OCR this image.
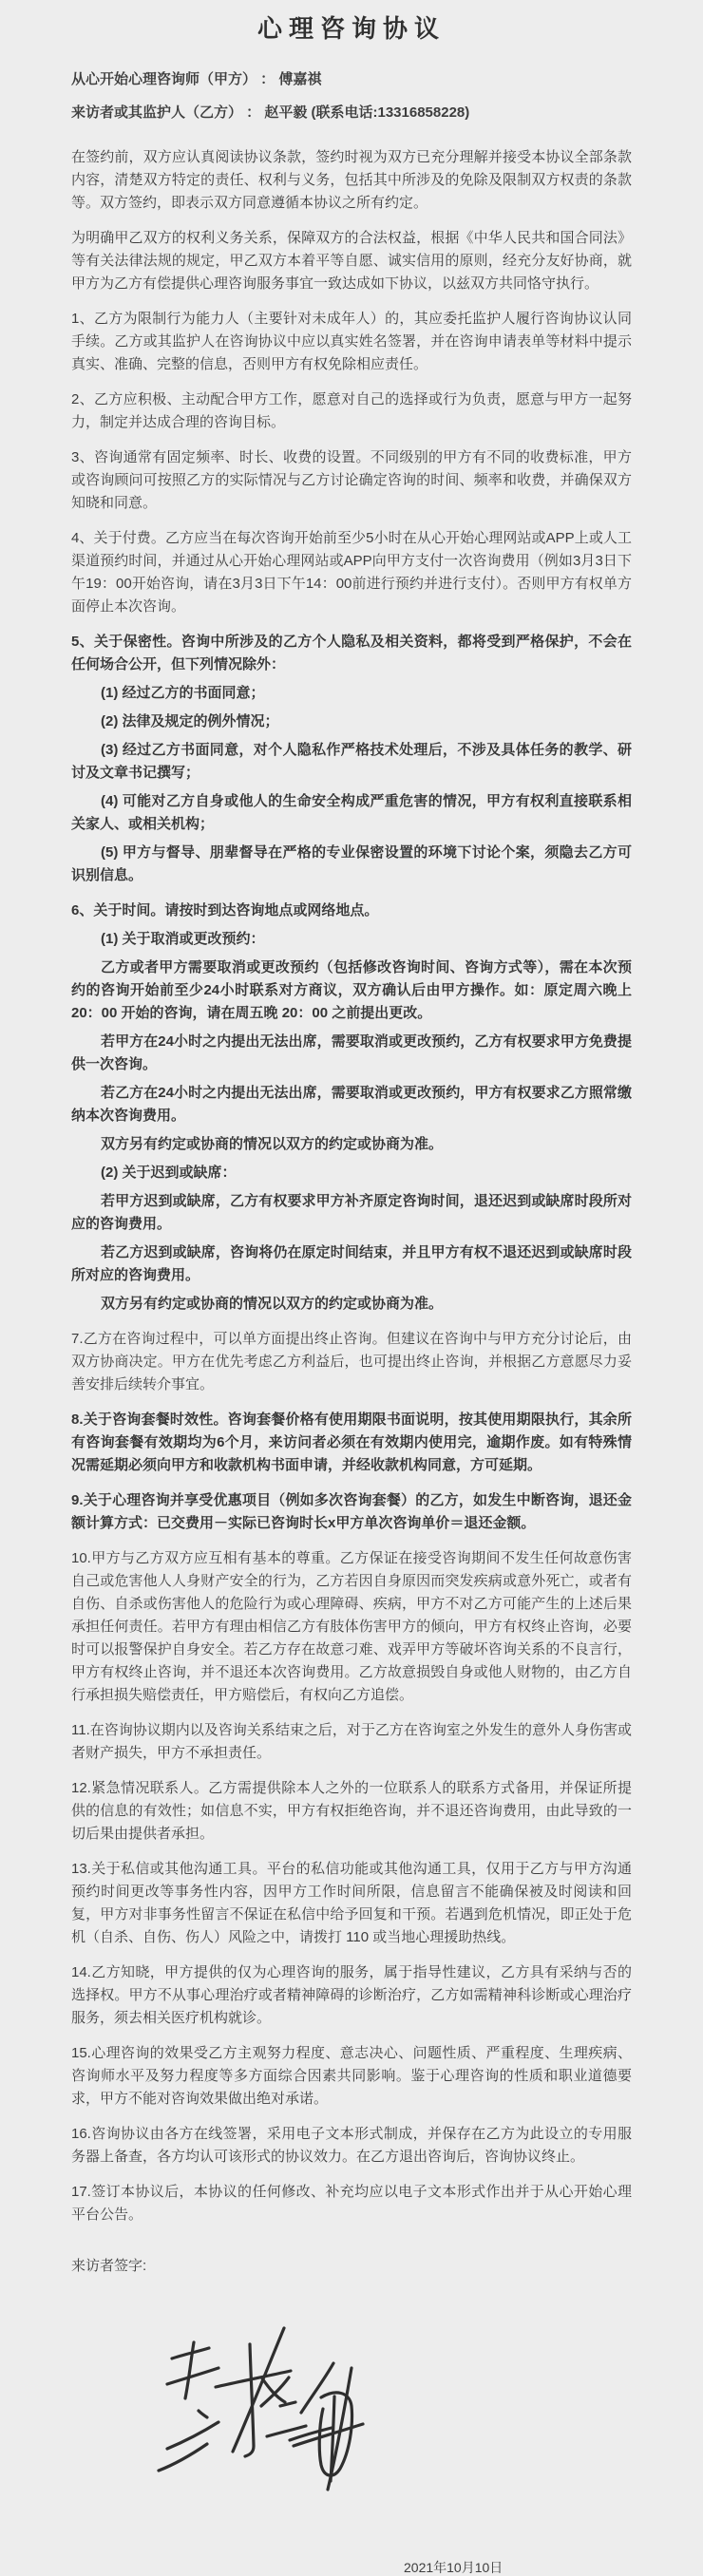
心理咨询协议

从心开始心理咨询师（甲方） ： 傅嘉祺

来访者或其监护人（乙方） ： 赵平毅 (联系电话:13316858228)

在签约前，双方应认真阅读协议条款，签约时视为双方已充分理解并接受本协议全部条款内容，清楚双方特定的责任、权利与义务，包括其中所涉及的免除及限制双方权责的条款等。双方签约，即表示双方同意遵循本协议之所有约定。

为明确甲乙双方的权利义务关系，保障双方的合法权益，根据《中华人民共和国合同法》等有关法律法规的规定，甲乙双方本着平等自愿、诚实信用的原则，经充分友好协商，就甲方为乙方有偿提供心理咨询服务事宜一致达成如下协议，以兹双方共同恪守执行。

1、乙方为限制行为能力人（主要针对未成年人）的，其应委托监护人履行咨询协议认同手续。乙方或其监护人在咨询协议中应以真实姓名签署，并在咨询申请表单等材料中提示真实、准确、完整的信息，否则甲方有权免除相应责任。

2、乙方应积极、主动配合甲方工作，愿意对自己的选择或行为负责，愿意与甲方一起努力，制定并达成合理的咨询目标。

3、咨询通常有固定频率、时长、收费的设置。不同级别的甲方有不同的收费标准，甲方或咨询顾问可按照乙方的实际情况与乙方讨论确定咨询的时间、频率和收费，并确保双方知晓和同意。

4、关于付费。乙方应当在每次咨询开始前至少5小时在从心开始心理网站或APP上或人工渠道预约时间，并通过从心开始心理网站或APP向甲方支付一次咨询费用（例如3月3日下午19：00开始咨询，请在3月3日下午14：00前进行预约并进行支付）。否则甲方有权单方面停止本次咨询。

5、关于保密性。咨询中所涉及的乙方个人隐私及相关资料，都将受到严格保护，不会在任何场合公开，但下列情况除外：

(1) 经过乙方的书面同意；

(2) 法律及规定的例外情况；

(3) 经过乙方书面同意，对个人隐私作严格技术处理后，不涉及具体任务的教学、研讨及文章书记撰写；

(4) 可能对乙方自身或他人的生命安全构成严重危害的情况，甲方有权利直接联系相关家人、或相关机构；

(5) 甲方与督导、朋辈督导在严格的专业保密设置的环境下讨论个案，须隐去乙方可识别信息。

6、关于时间。请按时到达咨询地点或网络地点。

(1) 关于取消或更改预约：

乙方或者甲方需要取消或更改预约（包括修改咨询时间、咨询方式等），需在本次预约的咨询开始前至少24小时联系对方商议，双方确认后由甲方操作。如：原定周六晚上20：00 开始的咨询，请在周五晚 20：00 之前提出更改。

若甲方在24小时之内提出无法出席，需要取消或更改预约，乙方有权要求甲方免费提供一次咨询。

若乙方在24小时之内提出无法出席，需要取消或更改预约，甲方有权要求乙方照常缴纳本次咨询费用。

双方另有约定或协商的情况以双方的约定或协商为准。

(2) 关于迟到或缺席：

若甲方迟到或缺席，乙方有权要求甲方补齐原定咨询时间，退还迟到或缺席时段所对应的咨询费用。

若乙方迟到或缺席，咨询将仍在原定时间结束，并且甲方有权不退还迟到或缺席时段所对应的咨询费用。

双方另有约定或协商的情况以双方的约定或协商为准。

7.乙方在咨询过程中，可以单方面提出终止咨询。但建议在咨询中与甲方充分讨论后，由双方协商决定。甲方在优先考虑乙方利益后，也可提出终止咨询，并根据乙方意愿尽力妥善安排后续转介事宜。

8.关于咨询套餐时效性。咨询套餐价格有使用期限书面说明，按其使用期限执行，其余所有咨询套餐有效期均为6个月，来访问者必须在有效期内使用完，逾期作废。如有特殊情况需延期必须向甲方和收款机构书面申请，并经收款机构同意，方可延期。

9.关于心理咨询并享受优惠项目（例如多次咨询套餐）的乙方，如发生中断咨询，退还金额计算方式：已交费用－实际已咨询时长x甲方单次咨询单价＝退还金额。

10.甲方与乙方双方应互相有基本的尊重。乙方保证在接受咨询期间不发生任何故意伤害自己或危害他人人身财产安全的行为，乙方若因自身原因而突发疾病或意外死亡，或者有自伤、自杀或伤害他人的危险行为或心理障碍、疾病，甲方不对乙方可能产生的上述后果承担任何责任。若甲方有理由相信乙方有肢体伤害甲方的倾向，甲方有权终止咨询，必要时可以报警保护自身安全。若乙方存在故意刁难、戏弄甲方等破坏咨询关系的不良言行，甲方有权终止咨询，并不退还本次咨询费用。乙方故意损毁自身或他人财物的，由乙方自行承担损失赔偿责任，甲方赔偿后，有权向乙方追偿。

11.在咨询协议期内以及咨询关系结束之后，对于乙方在咨询室之外发生的意外人身伤害或者财产损失，甲方不承担责任。

12.紧急情况联系人。乙方需提供除本人之外的一位联系人的联系方式备用，并保证所提供的信息的有效性；如信息不实，甲方有权拒绝咨询，并不退还咨询费用，由此导致的一切后果由提供者承担。

13.关于私信或其他沟通工具。平台的私信功能或其他沟通工具，仅用于乙方与甲方沟通预约时间更改等事务性内容，因甲方工作时间所限，信息留言不能确保被及时阅读和回复，甲方对非事务性留言不保证在私信中给予回复和干预。若遇到危机情况，即正处于危机（自杀、自伤、伤人）风险之中，请拨打 110 或当地心理援助热线。

14.乙方知晓，甲方提供的仅为心理咨询的服务，属于指导性建议，乙方具有采纳与否的选择权。甲方不从事心理治疗或者精神障碍的诊断治疗，乙方如需精神科诊断或心理治疗服务，须去相关医疗机构就诊。

15.心理咨询的效果受乙方主观努力程度、意志决心、问题性质、严重程度、生理疾病、咨询师水平及努力程度等多方面综合因素共同影响。鉴于心理咨询的性质和职业道德要求，甲方不能对咨询效果做出绝对承诺。

16.咨询协议由各方在线签署，采用电子文本形式制成，并保存在乙方为此设立的专用服务器上备查，各方均认可该形式的协议效力。在乙方退出咨询后，咨询协议终止。

17.签订本协议后，本协议的任何修改、补充均应以电子文本形式作出并于从心开始心理平台公告。

来访者签字:

2021年10月10日
